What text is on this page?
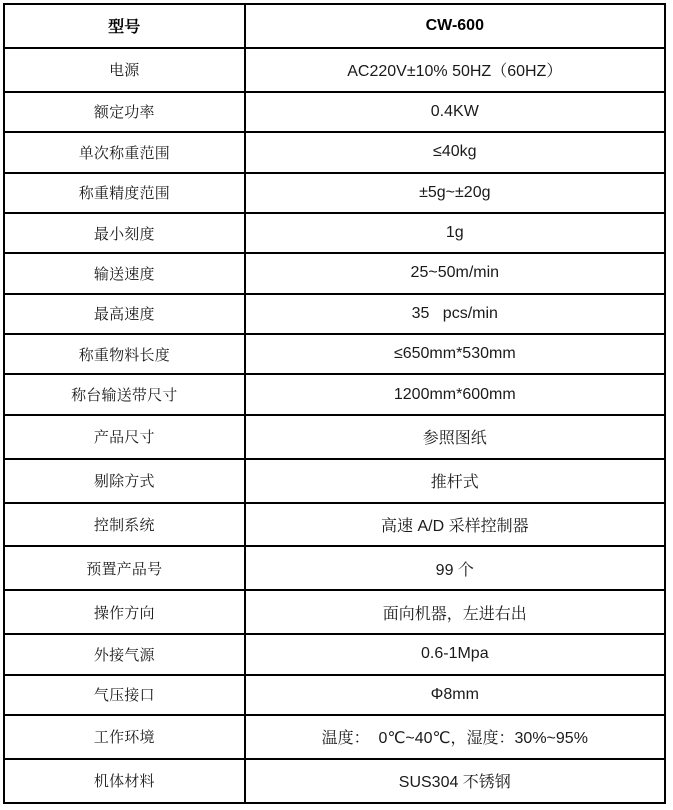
型号	CW-600
电源	AC220V±10% 50HZ（60HZ）
额定功率	0.4KW
单次称重范围	≤40kg
称重精度范围	±5g~±20g
最小刻度	1g
输送速度	25~50m/min
最高速度	35   pcs/min
称重物料长度	≤650mm*530mm
称台输送带尺寸	1200mm*600mm
产品尺寸	参照图纸
剔除方式	推杆式
控制系统	高速 A/D 采样控制器
预置产品号	99 个
操作方向	面向机器，左进右出
外接气源	0.6-1Mpa
气压接口	Φ8mm
工作环境	温度：  0℃~40℃，湿度：30%~95%
机体材料	SUS304 不锈钢
